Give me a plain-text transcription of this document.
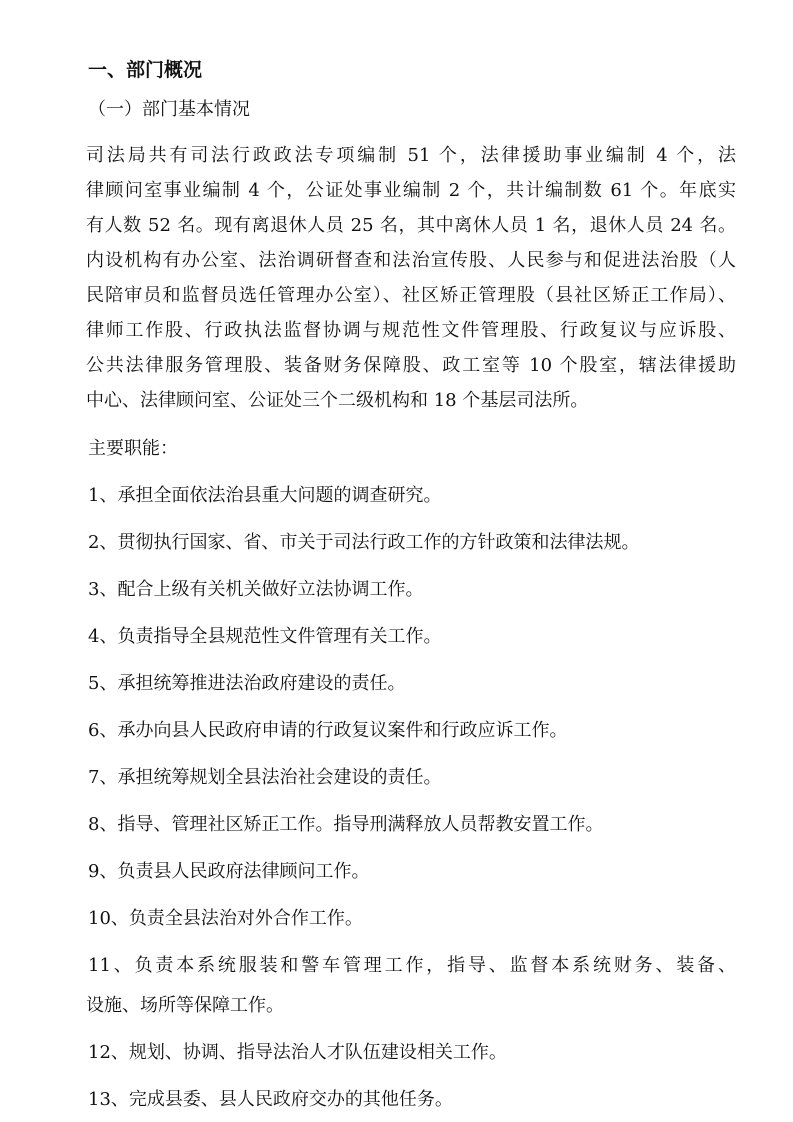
一、部门概况
（一）部门基本情况
司法局共有司法行政政法专项编制 51 个，法律援助事业编制 4 个，法
律顾问室事业编制 4 个，公证处事业编制 2 个，共计编制数 61 个。年底实
有人数 52 名。现有离退休人员 25 名，其中离休人员 1 名，退休人员 24 名。
内设机构有办公室、法治调研督查和法治宣传股、人民参与和促进法治股（人
民陪审员和监督员选任管理办公室）、社区矫正管理股（县社区矫正工作局）、
律师工作股、行政执法监督协调与规范性文件管理股、行政复议与应诉股、
公共法律服务管理股、装备财务保障股、政工室等 10 个股室，辖法律援助
中心、法律顾问室、公证处三个二级机构和 18 个基层司法所。
主要职能：
1、承担全面依法治县重大问题的调查研究。
2、贯彻执行国家、省、市关于司法行政工作的方针政策和法律法规。
3、配合上级有关机关做好立法协调工作。
4、负责指导全县规范性文件管理有关工作。
5、承担统筹推进法治政府建设的责任。
6、承办向县人民政府申请的行政复议案件和行政应诉工作。
7、承担统筹规划全县法治社会建设的责任。
8、指导、管理社区矫正工作。指导刑满释放人员帮教安置工作。
9、负责县人民政府法律顾问工作。
10、负责全县法治对外合作工作。
11、负责本系统服装和警车管理工作，指导、监督本系统财务、装备、
设施、场所等保障工作。
12、规划、协调、指导法治人才队伍建设相关工作。
13、完成县委、县人民政府交办的其他任务。
